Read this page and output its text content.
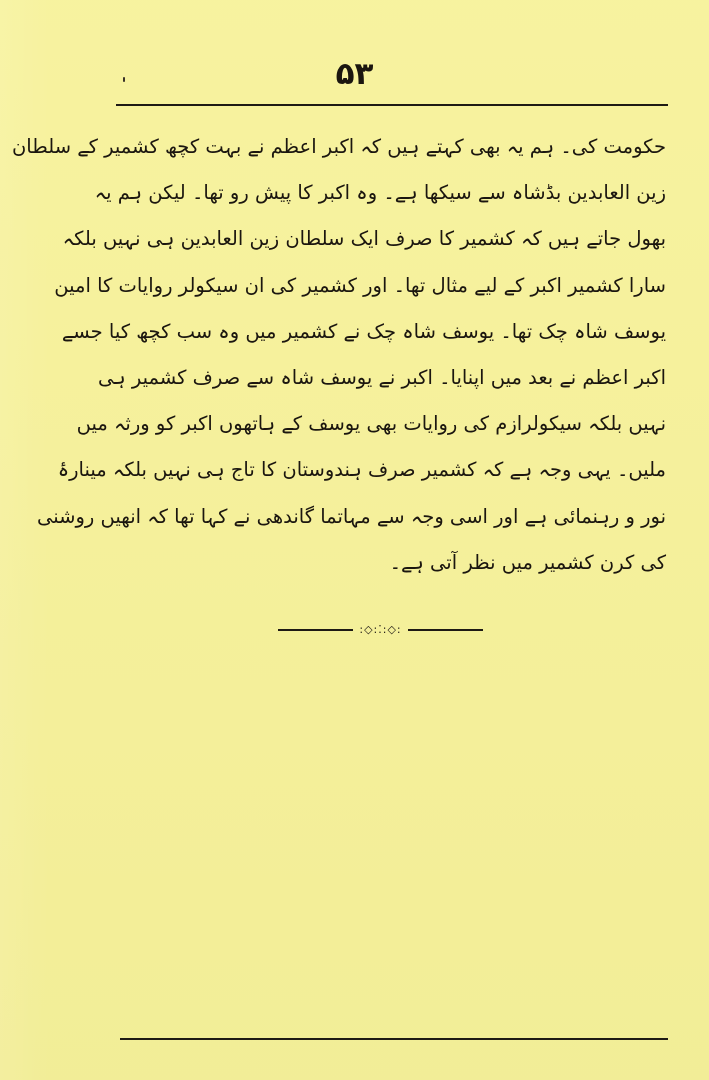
۵۳
حکومت کی۔ ہم یہ بھی کہتے ہیں کہ اکبر اعظم نے بہت کچھ کشمیر کے سلطان
زین العابدین بڈشاہ سے سیکھا ہے۔ وہ اکبر کا پیش رو تھا۔ لیکن ہم یہ
بھول جاتے ہیں کہ کشمیر کا صرف ایک سلطان زین العابدین ہی نہیں بلکہ
سارا کشمیر اکبر کے لیے مثال تھا۔ اور کشمیر کی ان سیکولر روایات کا امین
یوسف شاہ چک تھا۔ یوسف شاہ چک نے کشمیر میں وہ سب کچھ کیا جسے
اکبر اعظم نے بعد میں اپنایا۔ اکبر نے یوسف شاہ سے صرف کشمیر ہی
نہیں بلکہ سیکولرازم کی روایات بھی یوسف کے ہاتھوں اکبر کو ورثہ میں
ملیں۔ یہی وجہ ہے کہ کشمیر صرف ہندوستان کا تاج ہی نہیں بلکہ مینارۂ
نور و رہنمائی ہے اور اسی وجہ سے مہاتما گاندھی نے کہا تھا کہ انھیں روشنی
کی کرن کشمیر میں نظر آتی ہے۔
:◇:⁚:◇:
